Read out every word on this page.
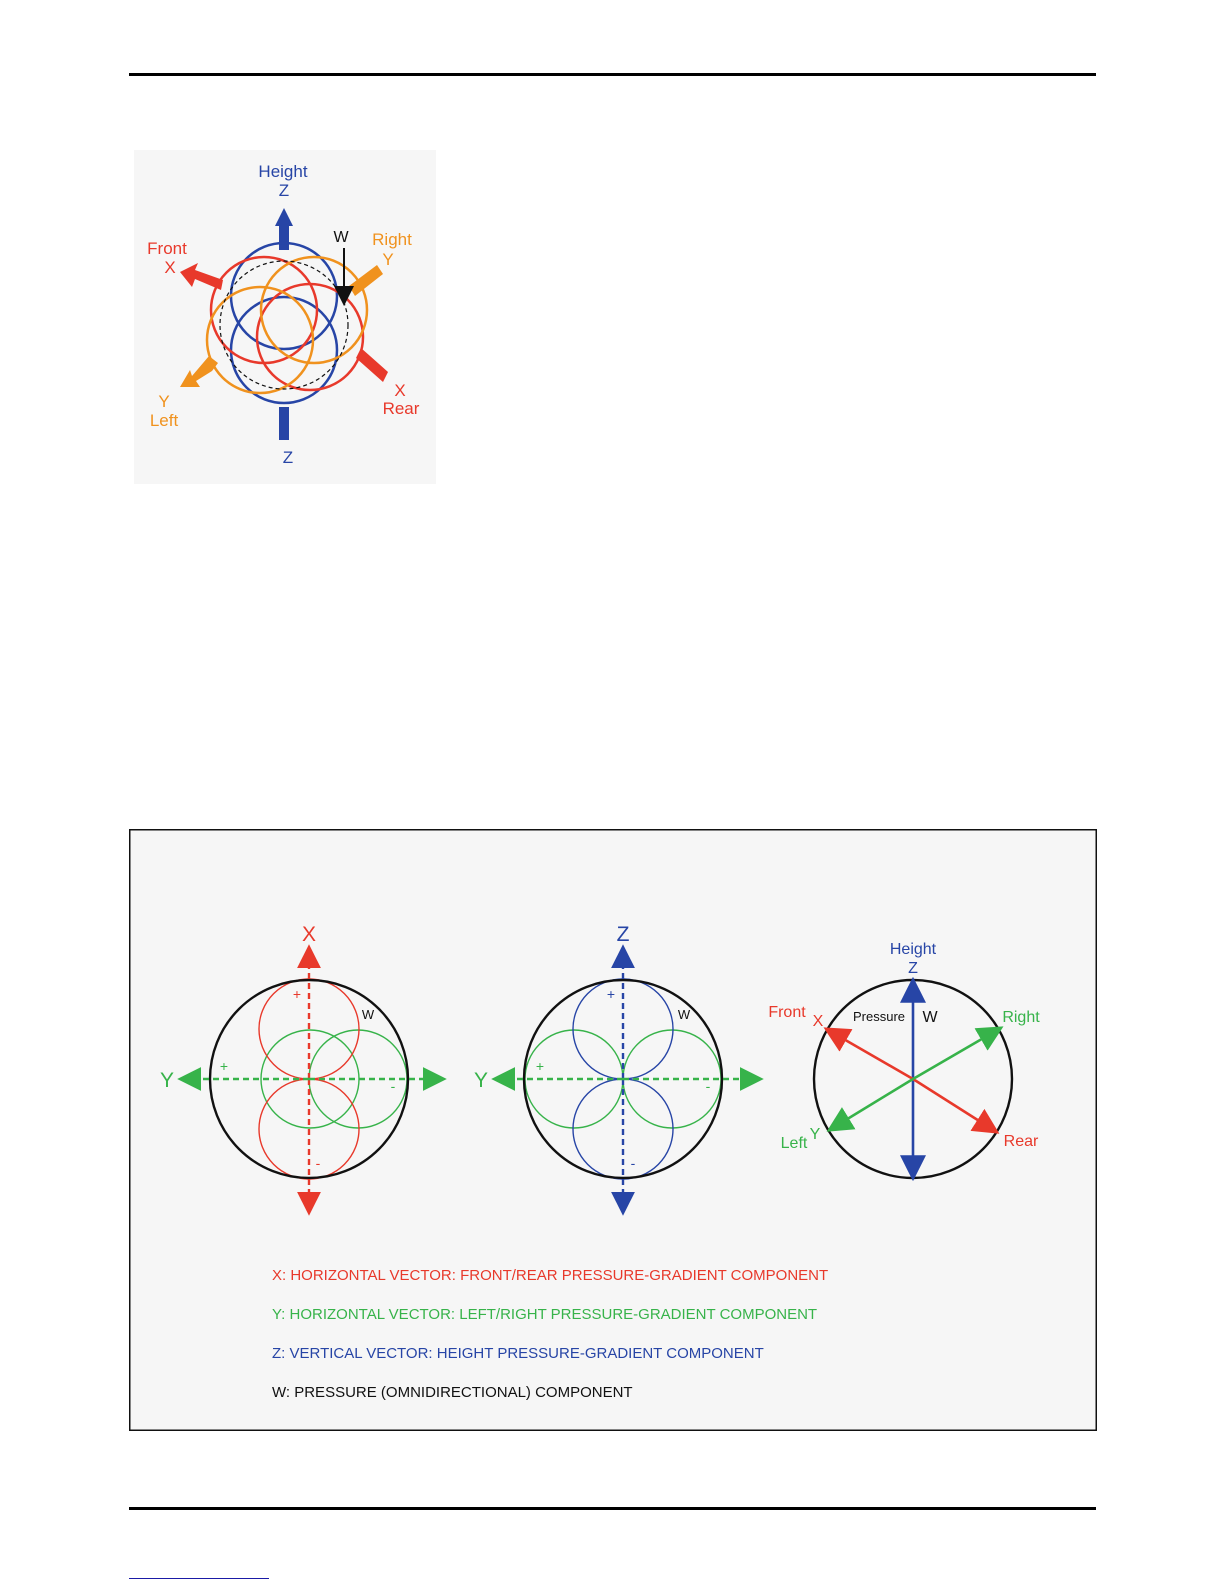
Height
Z
W
Front
X
Right
Y
Y
Left
X
Rear
Z
X
Y
W
+
-
+
-
Z
Y
W
+
-
+
-
Height
Z
Front
X Pressure W	Right
Left
Y	Rear
X: HORIZONTAL VECTOR: FRONT/REAR PRESSURE-GRADIENT COMPONENT
Y: HORIZONTAL VECTOR: LEFT/RIGHT PRESSURE-GRADIENT COMPONENT
Z: VERTICAL VECTOR: HEIGHT PRESSURE-GRADIENT COMPONENT
W: PRESSURE (OMNIDIRECTIONAL) COMPONENT
